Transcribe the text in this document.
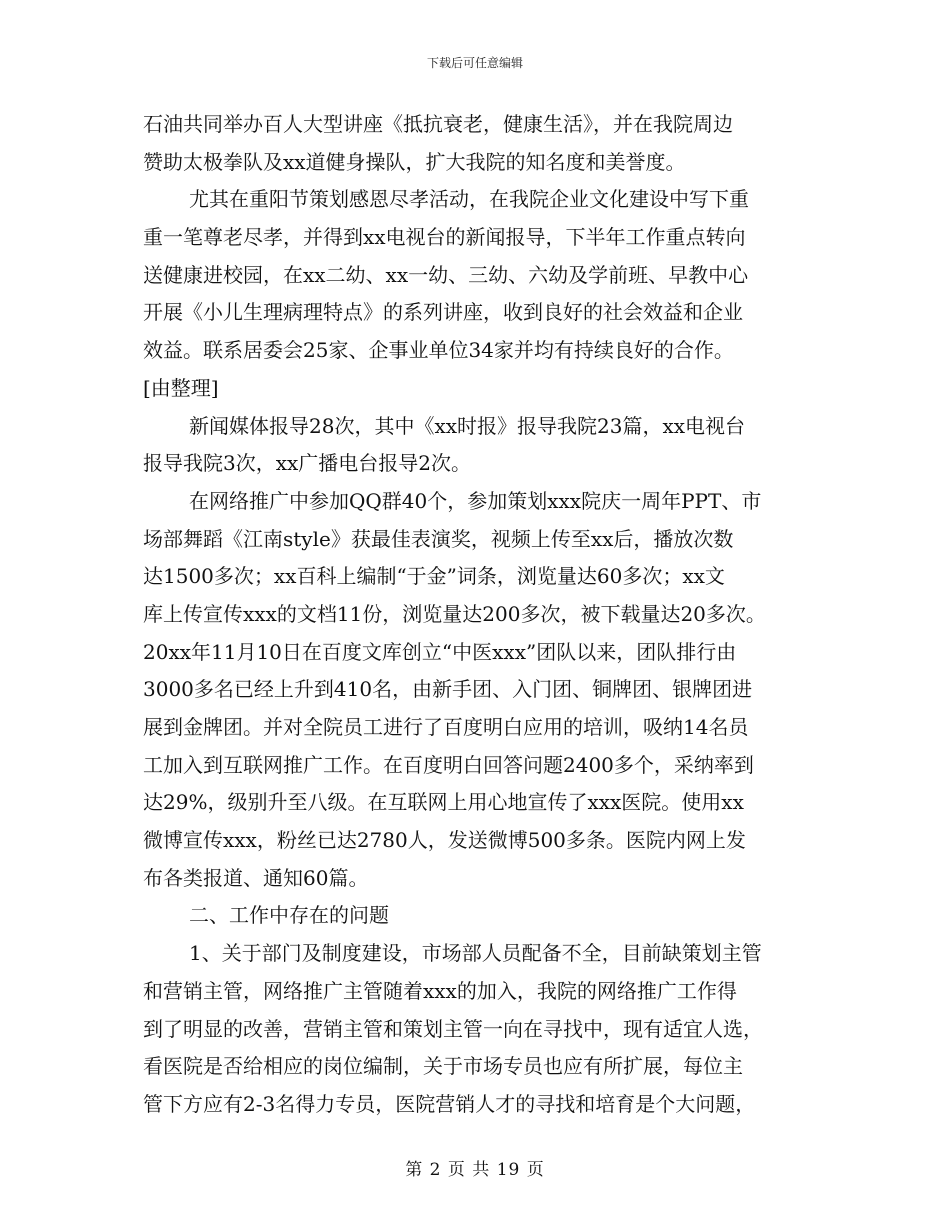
下载后可任意编辑
石油共同举办百人大型讲座《抵抗衰老，健康生活》，并在我院周边
赞助太极拳队及xx道健身操队，扩大我院的知名度和美誉度。
尤其在重阳节策划感恩尽孝活动，在我院企业文化建设中写下重
重一笔尊老尽孝，并得到xx电视台的新闻报导，下半年工作重点转向
送健康进校园，在xx二幼、xx一幼、三幼、六幼及学前班、早教中心
开展《小儿生理病理特点》的系列讲座，收到良好的社会效益和企业
效益。联系居委会25家、企事业单位34家并均有持续良好的合作。
[由整理]
新闻媒体报导28次，其中《xx时报》报导我院23篇，xx电视台
报导我院3次，xx广播电台报导2次。
在网络推广中参加QQ群40个，参加策划xxx院庆一周年PPT、市
场部舞蹈《江南style》获最佳表演奖，视频上传至xx后，播放次数
达1500多次；xx百科上编制“于金”词条，浏览量达60多次；xx文
库上传宣传xxx的文档11份，浏览量达200多次，被下载量达20多次。
20xx年11月10日在百度文库创立“中医xxx”团队以来，团队排行由
3000多名已经上升到410名，由新手团、入门团、铜牌团、银牌团进
展到金牌团。并对全院员工进行了百度明白应用的培训，吸纳14名员
工加入到互联网推广工作。在百度明白回答问题2400多个，采纳率到
达29%，级别升至八级。在互联网上用心地宣传了xxx医院。使用xx
微博宣传xxx，粉丝已达2780人，发送微博500多条。医院内网上发
布各类报道、通知60篇。
二、工作中存在的问题
1、关于部门及制度建设，市场部人员配备不全，目前缺策划主管
和营销主管，网络推广主管随着xxx的加入，我院的网络推广工作得
到了明显的改善，营销主管和策划主管一向在寻找中，现有适宜人选，
看医院是否给相应的岗位编制，关于市场专员也应有所扩展，每位主
管下方应有2-3名得力专员，医院营销人才的寻找和培育是个大问题，
第 2 页 共 19 页
